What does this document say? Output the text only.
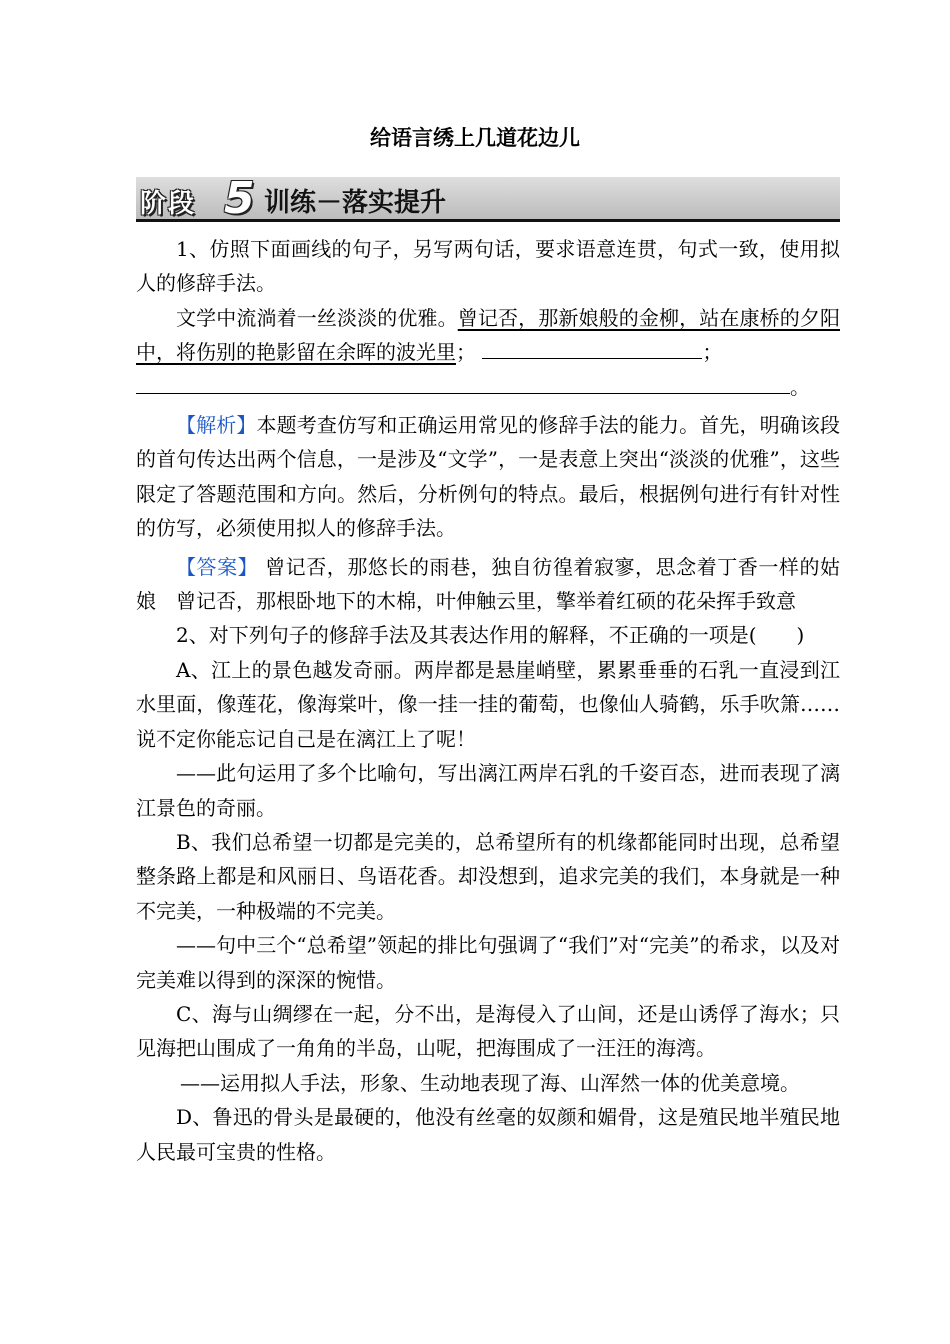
给语言绣上几道花边儿
阶段 5 训练－落实提升

1、仿照下面画线的句子，另写两句话，要求语意连贯，句式一致，使用拟人的修辞手法。

文学中流淌着一丝淡淡的优雅。曾记否，那新娘般的金柳，站在康桥的夕阳中，将伤别的艳影留在余晖的波光里；	；

。

【解析】本题考查仿写和正确运用常见的修辞手法的能力。首先，明确该段的首句传达出两个信息，一是涉及“文学”，一是表意上突出“淡淡的优雅”，这些限定了答题范围和方向。然后，分析例句的特点。最后，根据例句进行有针对性的仿写，必须使用拟人的修辞手法。

【答案】 曾记否，那悠长的雨巷，独自彷徨着寂寥，思念着丁香一样的姑娘　曾记否，那根卧地下的木棉，叶伸触云里，擎举着红硕的花朵挥手致意

2、对下列句子的修辞手法及其表达作用的解释，不正确的一项是(　　)

A、江上的景色越发奇丽。两岸都是悬崖峭壁，累累垂垂的石乳一直浸到江水里面，像莲花，像海棠叶，像一挂一挂的葡萄，也像仙人骑鹤，乐手吹箫……说不定你能忘记自己是在漓江上了呢！

——此句运用了多个比喻句，写出漓江两岸石乳的千姿百态，进而表现了漓江景色的奇丽。

B、我们总希望一切都是完美的，总希望所有的机缘都能同时出现，总希望整条路上都是和风丽日、鸟语花香。却没想到，追求完美的我们，本身就是一种不完美，一种极端的不完美。

——句中三个“总希望”领起的排比句强调了“我们”对“完美”的希求，以及对完美难以得到的深深的惋惜。

C、海与山绸缪在一起，分不出，是海侵入了山间，还是山诱俘了海水；只见海把山围成了一角角的半岛，山呢，把海围成了一汪汪的海湾。

——运用拟人手法，形象、生动地表现了海、山浑然一体的优美意境。

D、鲁迅的骨头是最硬的，他没有丝毫的奴颜和媚骨，这是殖民地半殖民地人民最可宝贵的性格。
